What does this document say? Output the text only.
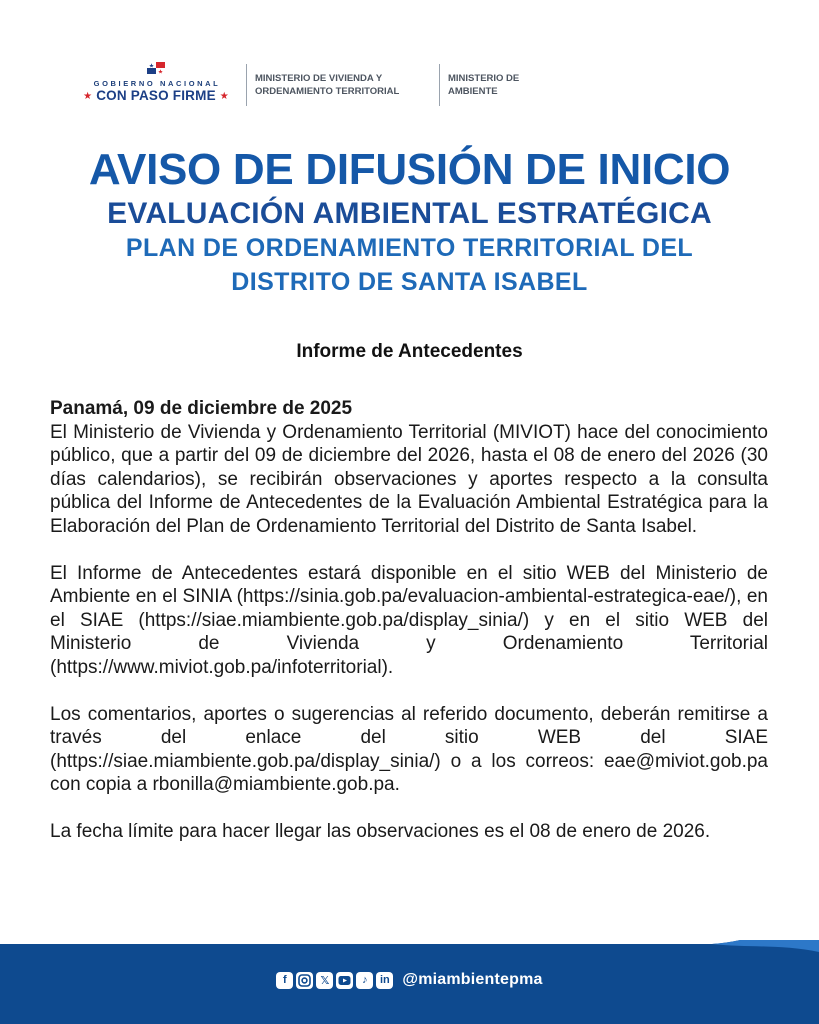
GOBIERNO NACIONAL
★ CON PASO FIRME ★
MINISTERIO DE VIVIENDA Y ORDENAMIENTO TERRITORIAL
MINISTERIO DE AMBIENTE
AVISO DE DIFUSIÓN DE INICIO
EVALUACIÓN AMBIENTAL ESTRATÉGICA
PLAN DE ORDENAMIENTO TERRITORIAL DEL
DISTRITO DE SANTA ISABEL
Informe de Antecedentes
Panamá, 09 de diciembre de 2025

El Ministerio de Vivienda y Ordenamiento Territorial (MIVIOT) hace del conocimiento público, que a partir del 09 de diciembre del 2026, hasta el 08 de enero del 2026 (30 días calendarios), se recibirán observaciones y aportes respecto a la consulta pública del Informe de Antecedentes de la Evaluación Ambiental Estratégica para la Elaboración del Plan de Ordenamiento Territorial del Distrito de Santa Isabel.

El Informe de Antecedentes estará disponible en el sitio WEB del Ministerio de Ambiente en el SINIA (https://sinia.gob.pa/evaluacion-ambiental-estrategica-eae/), en el SIAE (https://siae.miambiente.gob.pa/display_sinia/) y en el sitio WEB del Ministerio de Vivienda y Ordenamiento Territorial (https://www.miviot.gob.pa/infoterritorial).

Los comentarios, aportes o sugerencias al referido documento, deberán remitirse a través del enlace del sitio WEB del SIAE (https://siae.miambiente.gob.pa/display_sinia/) o a los correos: eae@miviot.gob.pa con copia a rbonilla@miambiente.gob.pa.

La fecha límite para hacer llegar las observaciones es el 08 de enero de 2026.

f	𝕏	♪	in @miambientepma
